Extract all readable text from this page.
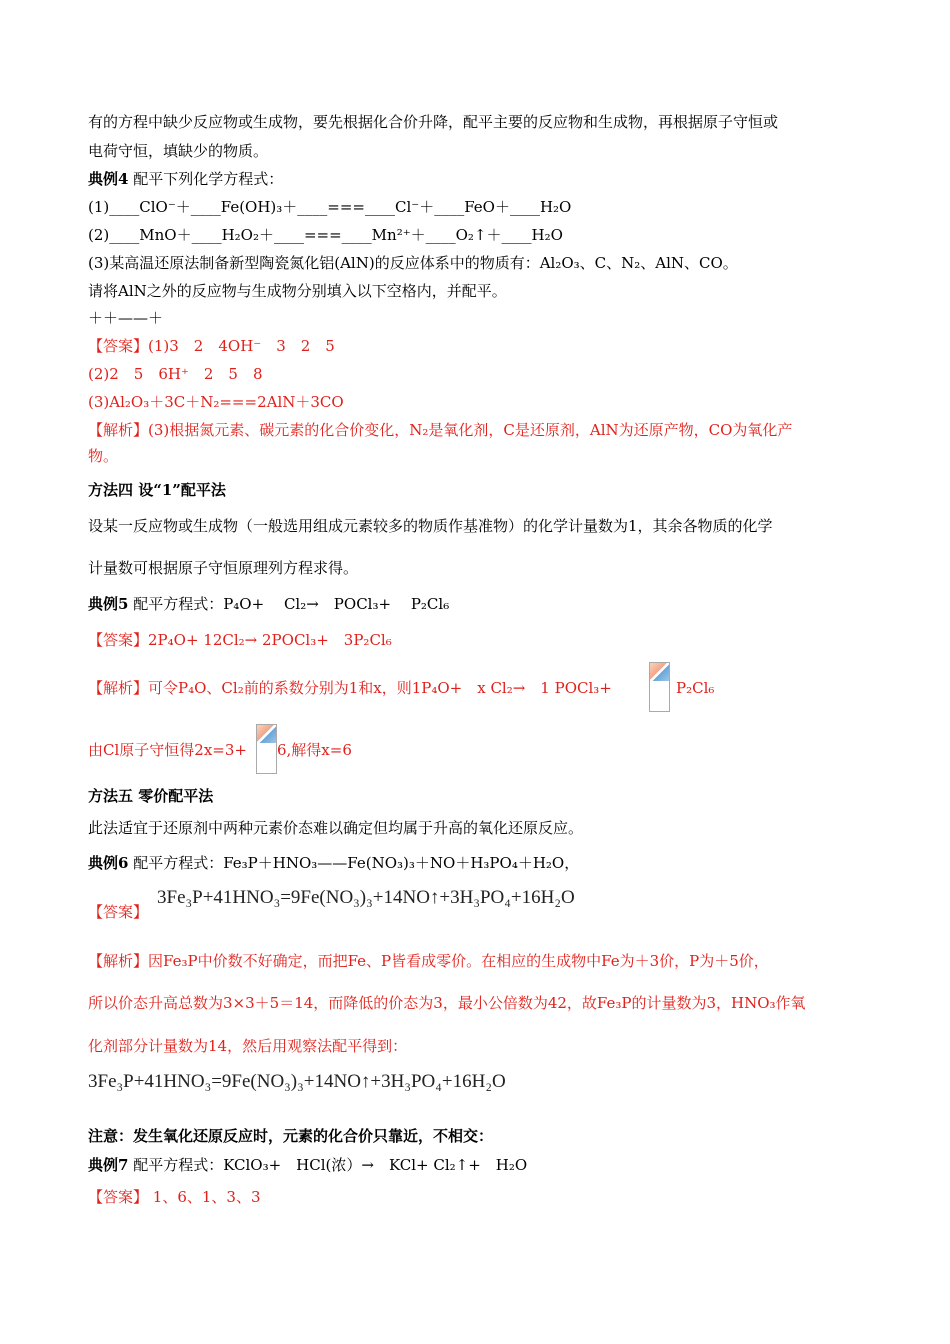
有的方程中缺少反应物或生成物，要先根据化合价升降，配平主要的反应物和生成物，再根据原子守恒或
电荷守恒，填缺少的物质。
典例4 配平下列化学方程式：
(1)____ClO⁻＋____Fe(OH)₃＋____===____Cl⁻＋____FeO＋____H₂O
(2)____MnO＋____H₂O₂＋____===____Mn²⁺＋____O₂↑＋____H₂O
(3)某高温还原法制备新型陶瓷氮化铝(AlN)的反应体系中的物质有：Al₂O₃、C、N₂、AlN、CO。
请将AlN之外的反应物与生成物分别填入以下空格内，并配平。
＋＋——＋
【答案】(1)3　2　4OH⁻　3　2　5
(2)2　5　6H⁺　2　5　8
(3)Al₂O₃＋3C＋N₂===2AlN＋3CO
【解析】(3)根据氮元素、碳元素的化合价变化，N₂是氧化剂，C是还原剂，AlN为还原产物，CO为氧化产
物。
方法四 设“1”配平法
设某一反应物或生成物（一般选用组成元素较多的物质作基准物）的化学计量数为1，其余各物质的化学
计量数可根据原子守恒原理列方程求得。
典例5 配平方程式：P₄O+　 Cl₂→　POCl₃+　 P₂Cl₆
【答案】2P₄O+ 12Cl₂→ 2POCl₃+　3P₂Cl₆
【解析】可令P₄O、Cl₂前的系数分别为1和x，则1P₄O+　x Cl₂→　1 POCl₃+	P₂Cl₆
由Cl原子守恒得2x=3+ 6,解得x=6
方法五 零价配平法
此法适宜于还原剂中两种元素价态难以确定但均属于升高的氧化还原反应。
典例6 配平方程式：Fe₃P＋HNO₃——Fe(NO₃)₃＋NO＋H₃PO₄＋H₂O，
【答案】
3Fe₃P+41HNO₃=9Fe(NO₃)₃+14NO↑+3H₃PO₄+16H₂O
【解析】因Fe₃P中价数不好确定，而把Fe、P皆看成零价。在相应的生成物中Fe为＋3价，P为＋5价，
所以价态升高总数为3×3＋5＝14，而降低的价态为3，最小公倍数为42，故Fe₃P的计量数为3，HNO₃作氧
化剂部分计量数为14，然后用观察法配平得到：
3Fe₃P+41HNO₃=9Fe(NO₃)₃+14NO↑+3H₃PO₄+16H₂O
注意：发生氧化还原反应时，元素的化合价只靠近，不相交：
典例7 配平方程式：KClO₃+　HCl(浓）→　KCl+ Cl₂↑+　H₂O
【答案】 1、6、1、3、3
